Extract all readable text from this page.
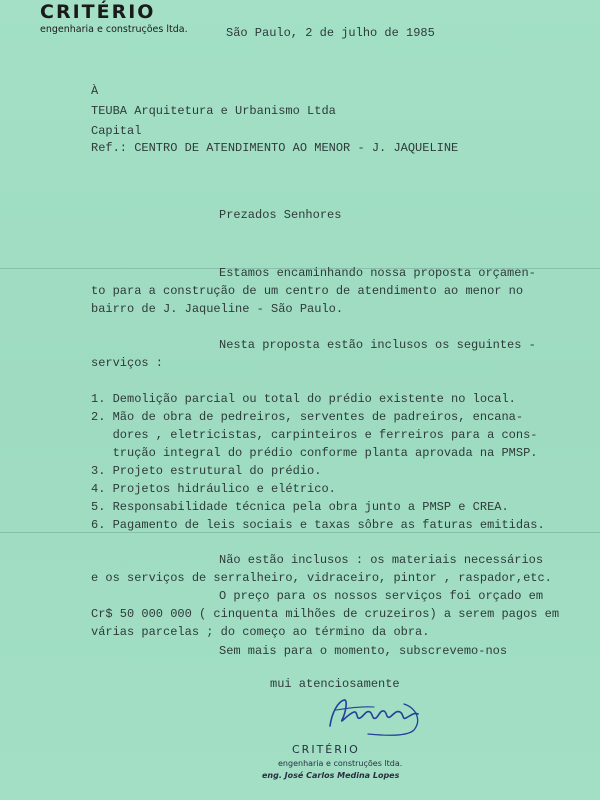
CRITÉRIO
engenharia e construções ltda.	São Paulo, 2 de julho de 1985
À
TEUBA Arquitetura e Urbanismo Ltda
Capital
Ref.: CENTRO DE ATENDIMENTO AO MENOR - J. JAQUELINE
Prezados Senhores
Estamos encaminhando nossa proposta orçamen-
to para a construção de um centro de atendimento ao menor no
bairro de J. Jaqueline - São Paulo.
Nesta proposta estão inclusos os seguintes -
serviços :
1. Demolição parcial ou total do prédio existente no local.
2. Mão de obra de pedreiros, serventes de padreiros, encana-
dores , eletricistas, carpinteiros e ferreiros para a cons-
trução integral do prédio conforme planta aprovada na PMSP.
3. Projeto estrutural do prédio.
4. Projetos hidráulico e elétrico.
5. Responsabilidade técnica pela obra junto a PMSP e CREA.
6. Pagamento de leis sociais e taxas sôbre as faturas emitidas.
Não estão inclusos : os materiais necessários
e os serviços de serralheiro, vidraceiro, pintor , raspador,etc.
O preço para os nossos serviços foi orçado em
Cr$ 50 000 000 ( cinquenta milhões de cruzeiros) a serem pagos em
várias parcelas ; do começo ao término da obra.
Sem mais para o momento, subscrevemo-nos
mui atenciosamente
CRITÉRIO
engenharia e construções ltda.
eng. José Carlos Medina Lopes
